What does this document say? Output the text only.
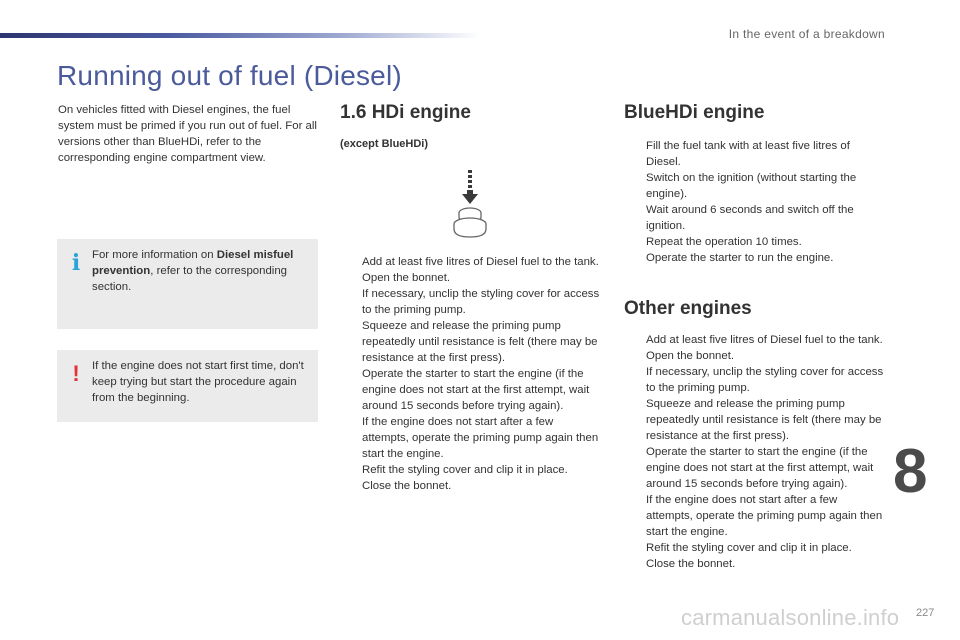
In the event of a breakdown
Running out of fuel (Diesel)

On vehicles fitted with Diesel engines, the fuel system must be primed if you run out of fuel. For all versions other than BlueHDi, refer to the corresponding engine compartment view.

i For more information on Diesel misfuel prevention, refer to the corresponding section.
! If the engine does not start first time, don't keep trying but start the procedure again from the beginning.
1.6 HDi engine
(except BlueHDi)
Add at least five litres of Diesel fuel to the tank.
Open the bonnet.
If necessary, unclip the styling cover for access to the priming pump.
Squeeze and release the priming pump repeatedly until resistance is felt (there may be resistance at the first press).
Operate the starter to start the engine (if the engine does not start at the first attempt, wait around 15 seconds before trying again).
If the engine does not start after a few attempts, operate the priming pump again then start the engine.
Refit the styling cover and clip it in place.
Close the bonnet.
BlueHDi engine
Fill the fuel tank with at least five litres of Diesel.
Switch on the ignition (without starting the engine).
Wait around 6 seconds and switch off the ignition.
Repeat the operation 10 times.
Operate the starter to run the engine.
Other engines
Add at least five litres of Diesel fuel to the tank.
Open the bonnet.
If necessary, unclip the styling cover for access to the priming pump.
Squeeze and release the priming pump repeatedly until resistance is felt (there may be resistance at the first press).
Operate the starter to start the engine (if the engine does not start at the first attempt, wait around 15 seconds before trying again).
If the engine does not start after a few attempts, operate the priming pump again then start the engine.
Refit the styling cover and clip it in place.
Close the bonnet.
8
carmanualsonline.info 227
